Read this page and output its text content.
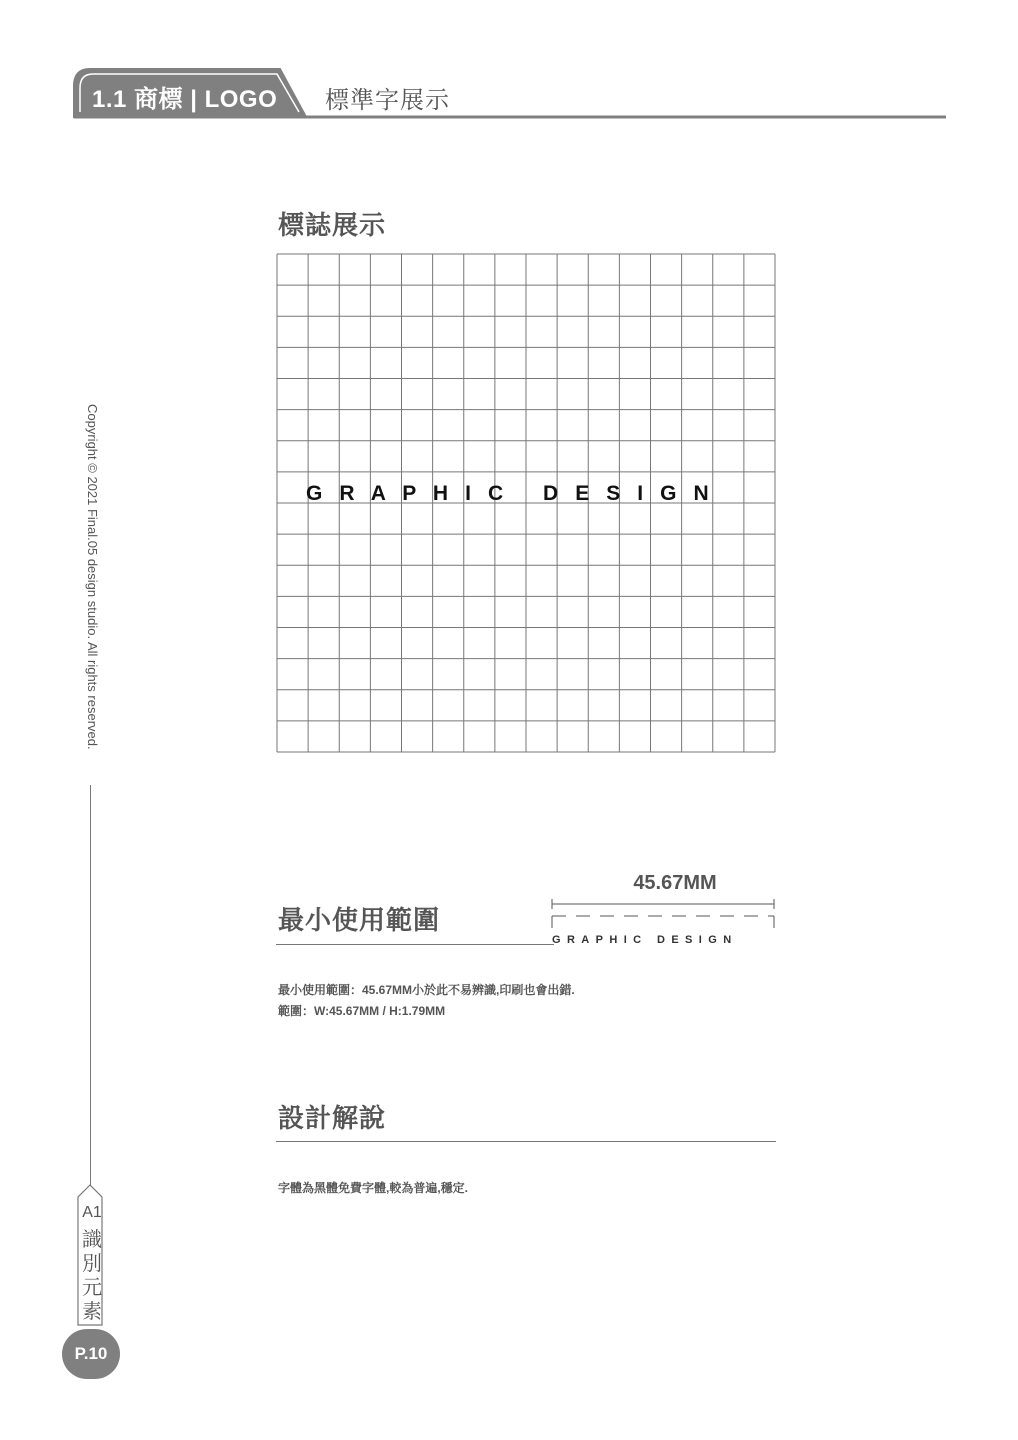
1.1 商標 | LOGO 標準字展示
Copyright © 2021 Final.05 design studio. All rights reserved.
A1
識別元素
P.10
標誌展示
G R A P H I C   D E S I G N
最小使用範圍
45.67MM
GRAPHIC DESIGN
最小使用範圍：45.67MM小於此不易辨識,印刷也會出錯.
範圍：W:45.67MM / H:1.79MM
設計解說
字體為黑體免費字體,較為普遍,穩定.
